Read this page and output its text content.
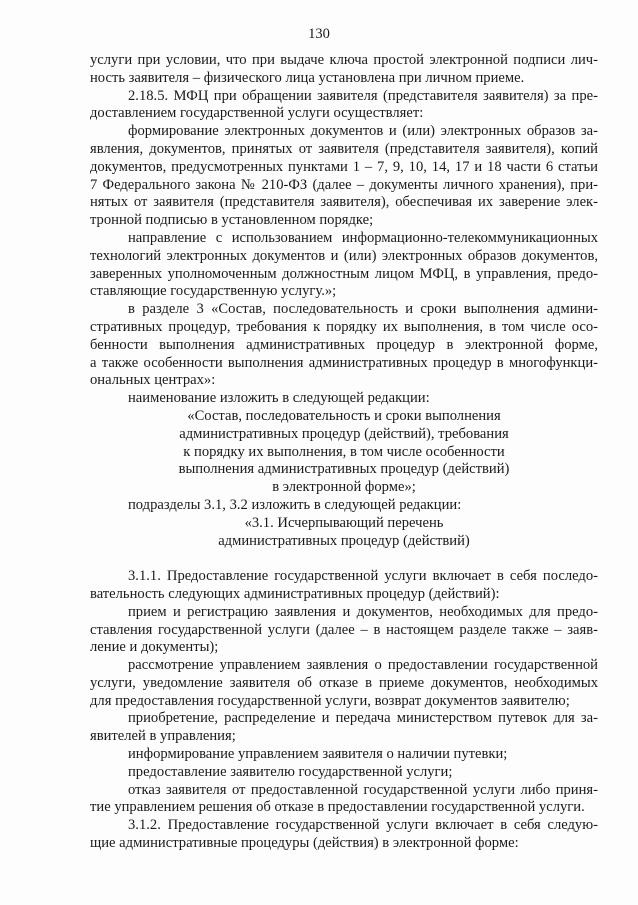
130
услуги при условии, что при выдаче ключа простой электронной подписи лич-
ность заявителя – физического лица установлена при личном приеме.
2.18.5. МФЦ при обращении заявителя (представителя заявителя) за пре-
доставлением государственной услуги осуществляет:
формирование электронных документов и (или) электронных образов за-
явления, документов, принятых от заявителя (представителя заявителя), копий
документов, предусмотренных пунктами 1 – 7, 9, 10, 14, 17 и 18 части 6 статьи
7 Федерального закона № 210-ФЗ (далее – документы личного хранения), при-
нятых от заявителя (представителя заявителя), обеспечивая их заверение элек-
тронной подписью в установленном порядке;
направление с использованием информационно-телекоммуникационных
технологий электронных документов и (или) электронных образов документов,
заверенных уполномоченным должностным лицом МФЦ, в управления, предо-
ставляющие государственную услугу.»;
в разделе 3 «Состав, последовательность и сроки выполнения админи-
стративных процедур, требования к порядку их выполнения, в том числе осо-
бенности выполнения административных процедур в электронной форме,
а также особенности выполнения административных процедур в многофункци-
ональных центрах»:
наименование изложить в следующей редакции:
«Состав, последовательность и сроки выполнения
административных процедур (действий), требования
к порядку их выполнения, в том числе особенности
выполнения административных процедур (действий)
в электронной форме»;
подразделы 3.1, 3.2 изложить в следующей редакции:
«3.1. Исчерпывающий перечень
административных процедур (действий)
3.1.1. Предоставление государственной услуги включает в себя последо-
вательность следующих административных процедур (действий):
прием и регистрацию заявления и документов, необходимых для предо-
ставления государственной услуги (далее – в настоящем разделе также – заяв-
ление и документы);
рассмотрение управлением заявления о предоставлении государственной
услуги, уведомление заявителя об отказе в приеме документов, необходимых
для предоставления государственной услуги, возврат документов заявителю;
приобретение, распределение и передача министерством путевок для за-
явителей в управления;
информирование управлением заявителя о наличии путевки;
предоставление заявителю государственной услуги;
отказ заявителя от предоставленной государственной услуги либо приня-
тие управлением решения об отказе в предоставлении государственной услуги.
3.1.2. Предоставление государственной услуги включает в себя следую-
щие административные процедуры (действия) в электронной форме:
